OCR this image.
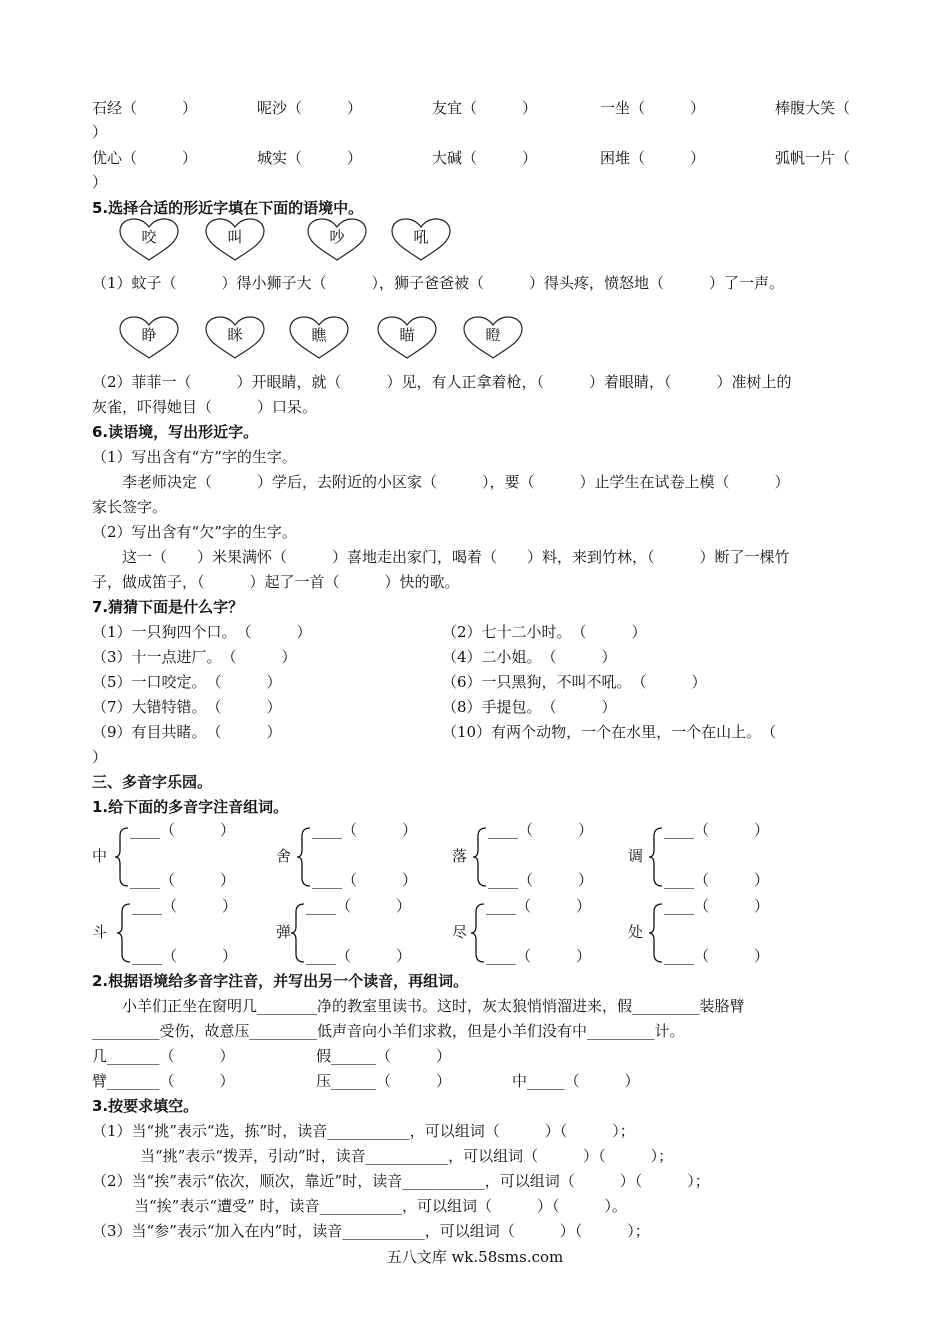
石经（　　　）	呢沙（　　　）	友宜（　　　）	一坐（　　　）	棒腹大笑（
）
优心（　　　）	城实（　　　）	大碱（　　　）	困堆（　　　）	弧帆一片（
）
5.选择合适的形近字填在下面的语境中。
咬	叫	吵	吼
（1）蚊子（　　　）得小狮子大（　　　），狮子爸爸被（　　　）得头疼，愤怒地（　　　）了一声。
睁	眯	瞧	瞄	瞪
（2）菲菲一（　　　）开眼睛，就（　　　）见，有人正拿着枪，（　　　）着眼睛，（　　　）准树上的
灰雀，吓得她目（　　　）口呆。
6.读语境，写出形近字。
（1）写出含有“方”字的生字。
李老师决定（　　　）学后，去附近的小区家（　　　），要（　　　）止学生在试卷上模（　　　）
家长签字。
（2）写出含有“欠”字的生字。
这一（　　）米果满怀（　　　）喜地走出家门，喝着（　　）料，来到竹林，（　　　）断了一棵竹
子，做成笛子，（　　　）起了一首（　　　）快的歌。
7.猜猜下面是什么字？
（1）一只狗四个口。　（　　　）	（2）七十二小时。　（　　　）
（3）十一点进厂。　（　　　）	（4）二小姐。　（　　　）
（5）一口咬定。　（　　　）	（6）一只黑狗，不叫不吼。　（　　　）
（7）大错特错。　（　　　）	（8）手提包。　（　　　）
（9）有目共睹。　（　　　）	（10）有两个动物，一个在水里，一个在山上。　（
）
三、多音字乐园。
1.给下面的多音字注音组词。
中
____（　　　）
____（　　　）
舍
____（　　　）
____（　　　）
落
____（　　　）
____（　　　）
调
____（　　　）
____（　　　）
斗
____（　　　）
____（　　　）
弹
____（　　　）
____（　　　）
尽
____（　　　）
____（　　　）
处
____（　　　）
____（　　　）
2.根据语境给多音字注音，并写出另一个读音，再组词。
小羊们正坐在窗明几________净的教室里读书。这时，灰太狼悄悄溜进来，假_________装胳臂
_________受伤，故意压_________低声音向小羊们求救，但是小羊们没有中_________计。
几_______（　　　）	假______（　　　）
臂_______（　　　）	压______（　　　）	中_____（　　　）
3.按要求填空。
（1）当“挑”表示“选，拣”时，读音___________，可以组词（　　　）（　　　）；
当“挑”表示“拨弄，引动”时，读音___________，可以组词（　　　）（　　　）；
（2）当“挨”表示“依次，顺次，靠近”时，读音___________，可以组词（　　　）（　　　）；
当“挨”表示“遭受” 时，读音___________，可以组词（　　　）（　　　）。
（3）当“参”表示“加入在内”时，读音___________，可以组词（　　　）（　　　）；
五八文库 wk.58sms.com
